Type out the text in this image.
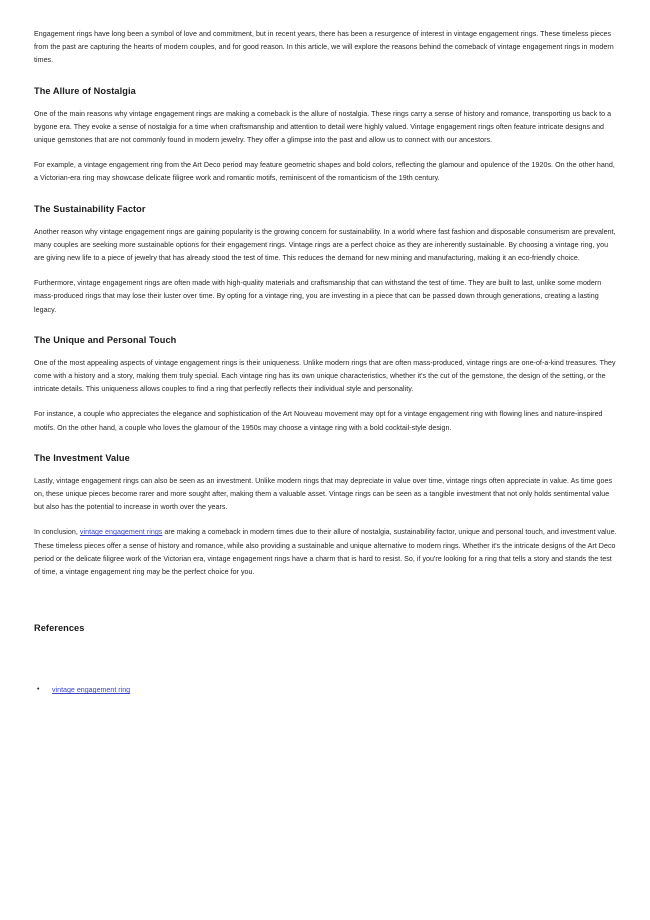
Engagement rings have long been a symbol of love and commitment, but in recent years, there has been a resurgence of interest in vintage engagement rings. These timeless pieces from the past are capturing the hearts of modern couples, and for good reason. In this article, we will explore the reasons behind the comeback of vintage engagement rings in modern times.

The Allure of Nostalgia

One of the main reasons why vintage engagement rings are making a comeback is the allure of nostalgia. These rings carry a sense of history and romance, transporting us back to a bygone era. They evoke a sense of nostalgia for a time when craftsmanship and attention to detail were highly valued. Vintage engagement rings often feature intricate designs and unique gemstones that are not commonly found in modern jewelry. They offer a glimpse into the past and allow us to connect with our ancestors.

For example, a vintage engagement ring from the Art Deco period may feature geometric shapes and bold colors, reflecting the glamour and opulence of the 1920s. On the other hand, a Victorian-era ring may showcase delicate filigree work and romantic motifs, reminiscent of the romanticism of the 19th century.

The Sustainability Factor

Another reason why vintage engagement rings are gaining popularity is the growing concern for sustainability. In a world where fast fashion and disposable consumerism are prevalent, many couples are seeking more sustainable options for their engagement rings. Vintage rings are a perfect choice as they are inherently sustainable. By choosing a vintage ring, you are giving new life to a piece of jewelry that has already stood the test of time. This reduces the demand for new mining and manufacturing, making it an eco-friendly choice.

Furthermore, vintage engagement rings are often made with high-quality materials and craftsmanship that can withstand the test of time. They are built to last, unlike some modern mass-produced rings that may lose their luster over time. By opting for a vintage ring, you are investing in a piece that can be passed down through generations, creating a lasting legacy.

The Unique and Personal Touch

One of the most appealing aspects of vintage engagement rings is their uniqueness. Unlike modern rings that are often mass-produced, vintage rings are one-of-a-kind treasures. They come with a history and a story, making them truly special. Each vintage ring has its own unique characteristics, whether it's the cut of the gemstone, the design of the setting, or the intricate details. This uniqueness allows couples to find a ring that perfectly reflects their individual style and personality.

For instance, a couple who appreciates the elegance and sophistication of the Art Nouveau movement may opt for a vintage engagement ring with flowing lines and nature-inspired motifs. On the other hand, a couple who loves the glamour of the 1950s may choose a vintage ring with a bold cocktail-style design.

The Investment Value

Lastly, vintage engagement rings can also be seen as an investment. Unlike modern rings that may depreciate in value over time, vintage rings often appreciate in value. As time goes on, these unique pieces become rarer and more sought after, making them a valuable asset. Vintage rings can be seen as a tangible investment that not only holds sentimental value but also has the potential to increase in worth over the years.

In conclusion, vintage engagement rings are making a comeback in modern times due to their allure of nostalgia, sustainability factor, unique and personal touch, and investment value. These timeless pieces offer a sense of history and romance, while also providing a sustainable and unique alternative to modern rings. Whether it's the intricate designs of the Art Deco period or the delicate filigree work of the Victorian era, vintage engagement rings have a charm that is hard to resist. So, if you're looking for a ring that tells a story and stands the test of time, a vintage engagement ring may be the perfect choice for you.

References
• vintage engagement ring
